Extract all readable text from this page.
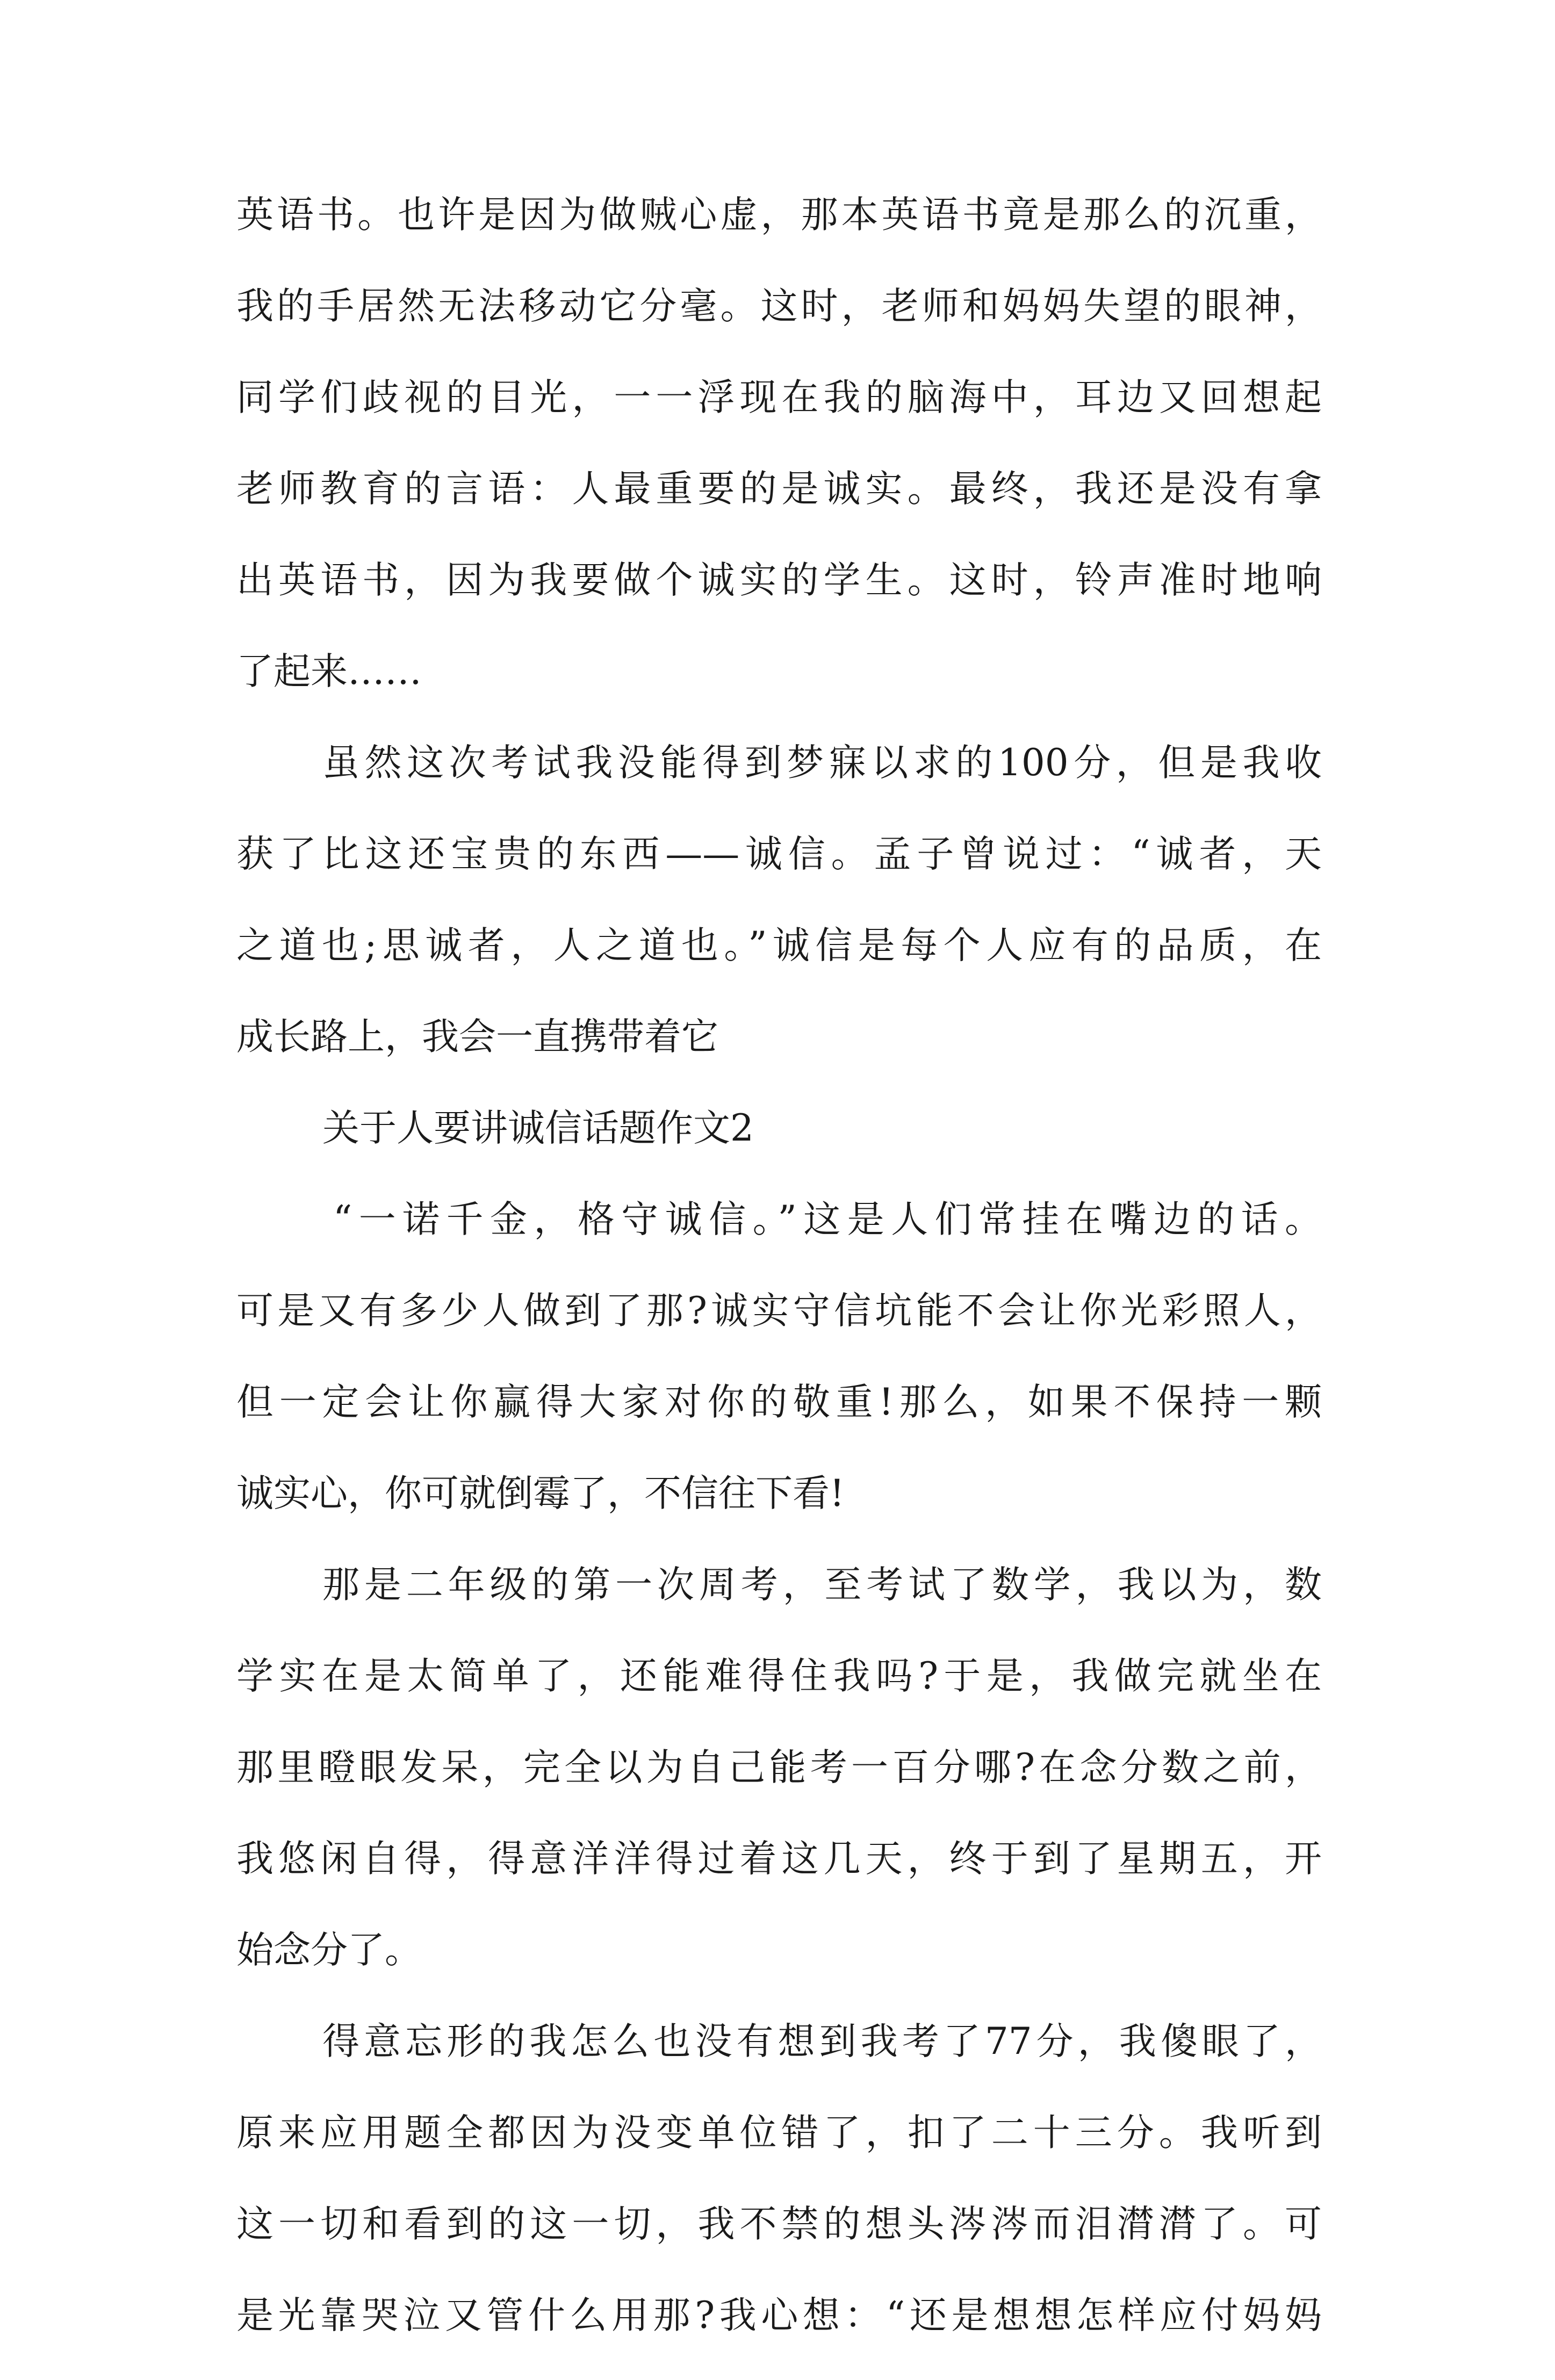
英语书。也许是因为做贼心虚，那本英语书竟是那么的沉重，
我的手居然无法移动它分毫。这时，老师和妈妈失望的眼神，
同学们歧视的目光，一一浮现在我的脑海中，耳边又回想起
老师教育的言语：人最重要的是诚实。最终，我还是没有拿
出英语书，因为我要做个诚实的学生。这时，铃声准时地响
了起来……
虽然这次考试我没能得到梦寐以求的100分，但是我收
获了比这还宝贵的东西——诚信。孟子曾说过：“诚者，天
之道也;思诚者，人之道也。”诚信是每个人应有的品质，在
成长路上，我会一直携带着它
关于人要讲诚信话题作文2
“一诺千金，格守诚信。”这是人们常挂在嘴边的话。
可是又有多少人做到了那?诚实守信坑能不会让你光彩照人，
但一定会让你赢得大家对你的敬重!那么，如果不保持一颗
诚实心，你可就倒霉了，不信往下看!
那是二年级的第一次周考，至考试了数学，我以为，数
学实在是太简单了，还能难得住我吗?于是，我做完就坐在
那里瞪眼发呆，完全以为自己能考一百分哪?在念分数之前，
我悠闲自得，得意洋洋得过着这几天，终于到了星期五，开
始念分了。
得意忘形的我怎么也没有想到我考了77分，我傻眼了，
原来应用题全都因为没变单位错了，扣了二十三分。我听到
这一切和看到的这一切，我不禁的想头涔涔而泪潸潸了。可
是光靠哭泣又管什么用那?我心想：“还是想想怎样应付妈妈
